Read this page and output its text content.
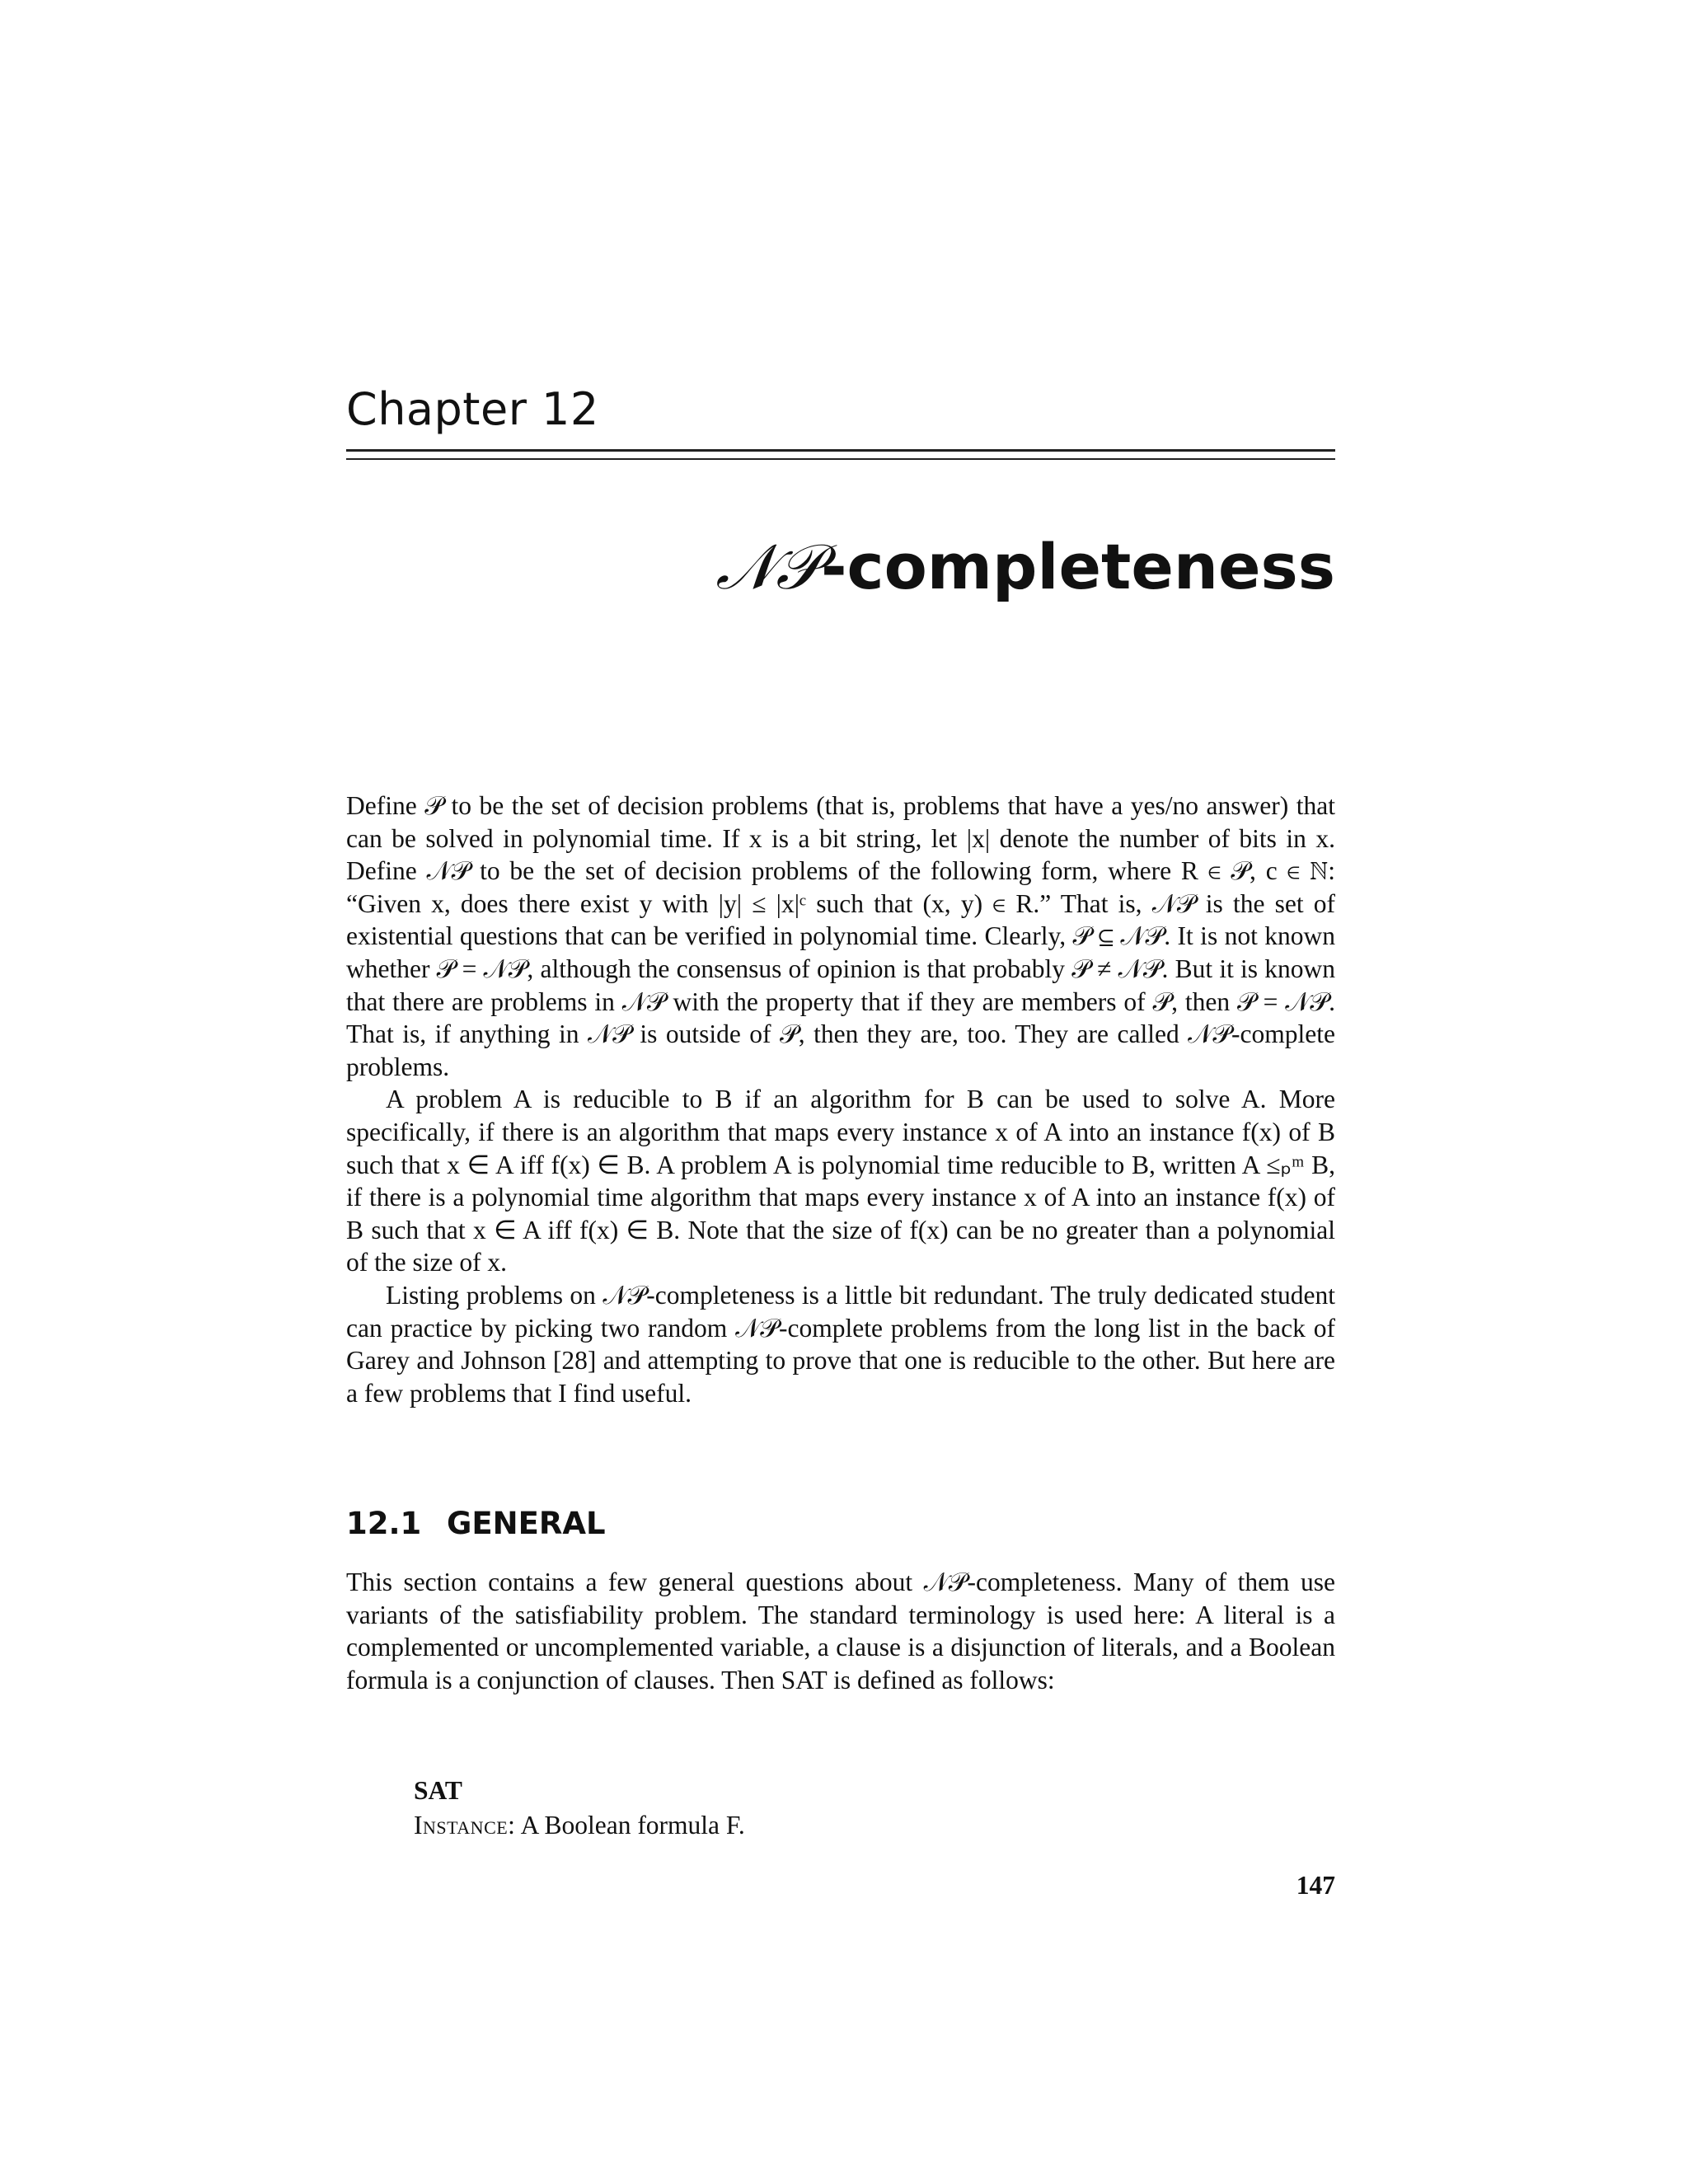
Chapter 12
𝒩𝒫-completeness

Define 𝒫 to be the set of decision problems (that is, problems that have a yes/no answer) that can be solved in polynomial time. If x is a bit string, let |x| denote the number of bits in x. Define 𝒩𝒫 to be the set of decision problems of the following form, where R ∈ 𝒫, c ∈ ℕ: “Given x, does there exist y with |y| ≤ |x|ᶜ such that (x, y) ∈ R.” That is, 𝒩𝒫 is the set of existential questions that can be verified in polynomial time. Clearly, 𝒫 ⊆ 𝒩𝒫. It is not known whether 𝒫 = 𝒩𝒫, although the consensus of opinion is that probably 𝒫 ≠ 𝒩𝒫. But it is known that there are problems in 𝒩𝒫 with the property that if they are members of 𝒫, then 𝒫 = 𝒩𝒫. That is, if anything in 𝒩𝒫 is outside of 𝒫, then they are, too. They are called 𝒩𝒫-complete problems.

A problem A is reducible to B if an algorithm for B can be used to solve A. More specifically, if there is an algorithm that maps every instance x of A into an instance f(x) of B such that x ∈ A iff f(x) ∈ B. A problem A is polynomial time reducible to B, written A ≤ₚᵐ B, if there is a polynomial time algorithm that maps every instance x of A into an instance f(x) of B such that x ∈ A iff f(x) ∈ B. Note that the size of f(x) can be no greater than a polynomial of the size of x.

Listing problems on 𝒩𝒫-completeness is a little bit redundant. The truly dedicated student can practice by picking two random 𝒩𝒫-complete problems from the long list in the back of Garey and Johnson [28] and attempting to prove that one is reducible to the other. But here are a few problems that I find useful.

12.1 GENERAL

This section contains a few general questions about 𝒩𝒫-completeness. Many of them use variants of the satisfiability problem. The standard terminology is used here: A literal is a complemented or uncomplemented variable, a clause is a disjunction of literals, and a Boolean formula is a conjunction of clauses. Then SAT is defined as follows:

SAT
Instance: A Boolean formula F.
147
